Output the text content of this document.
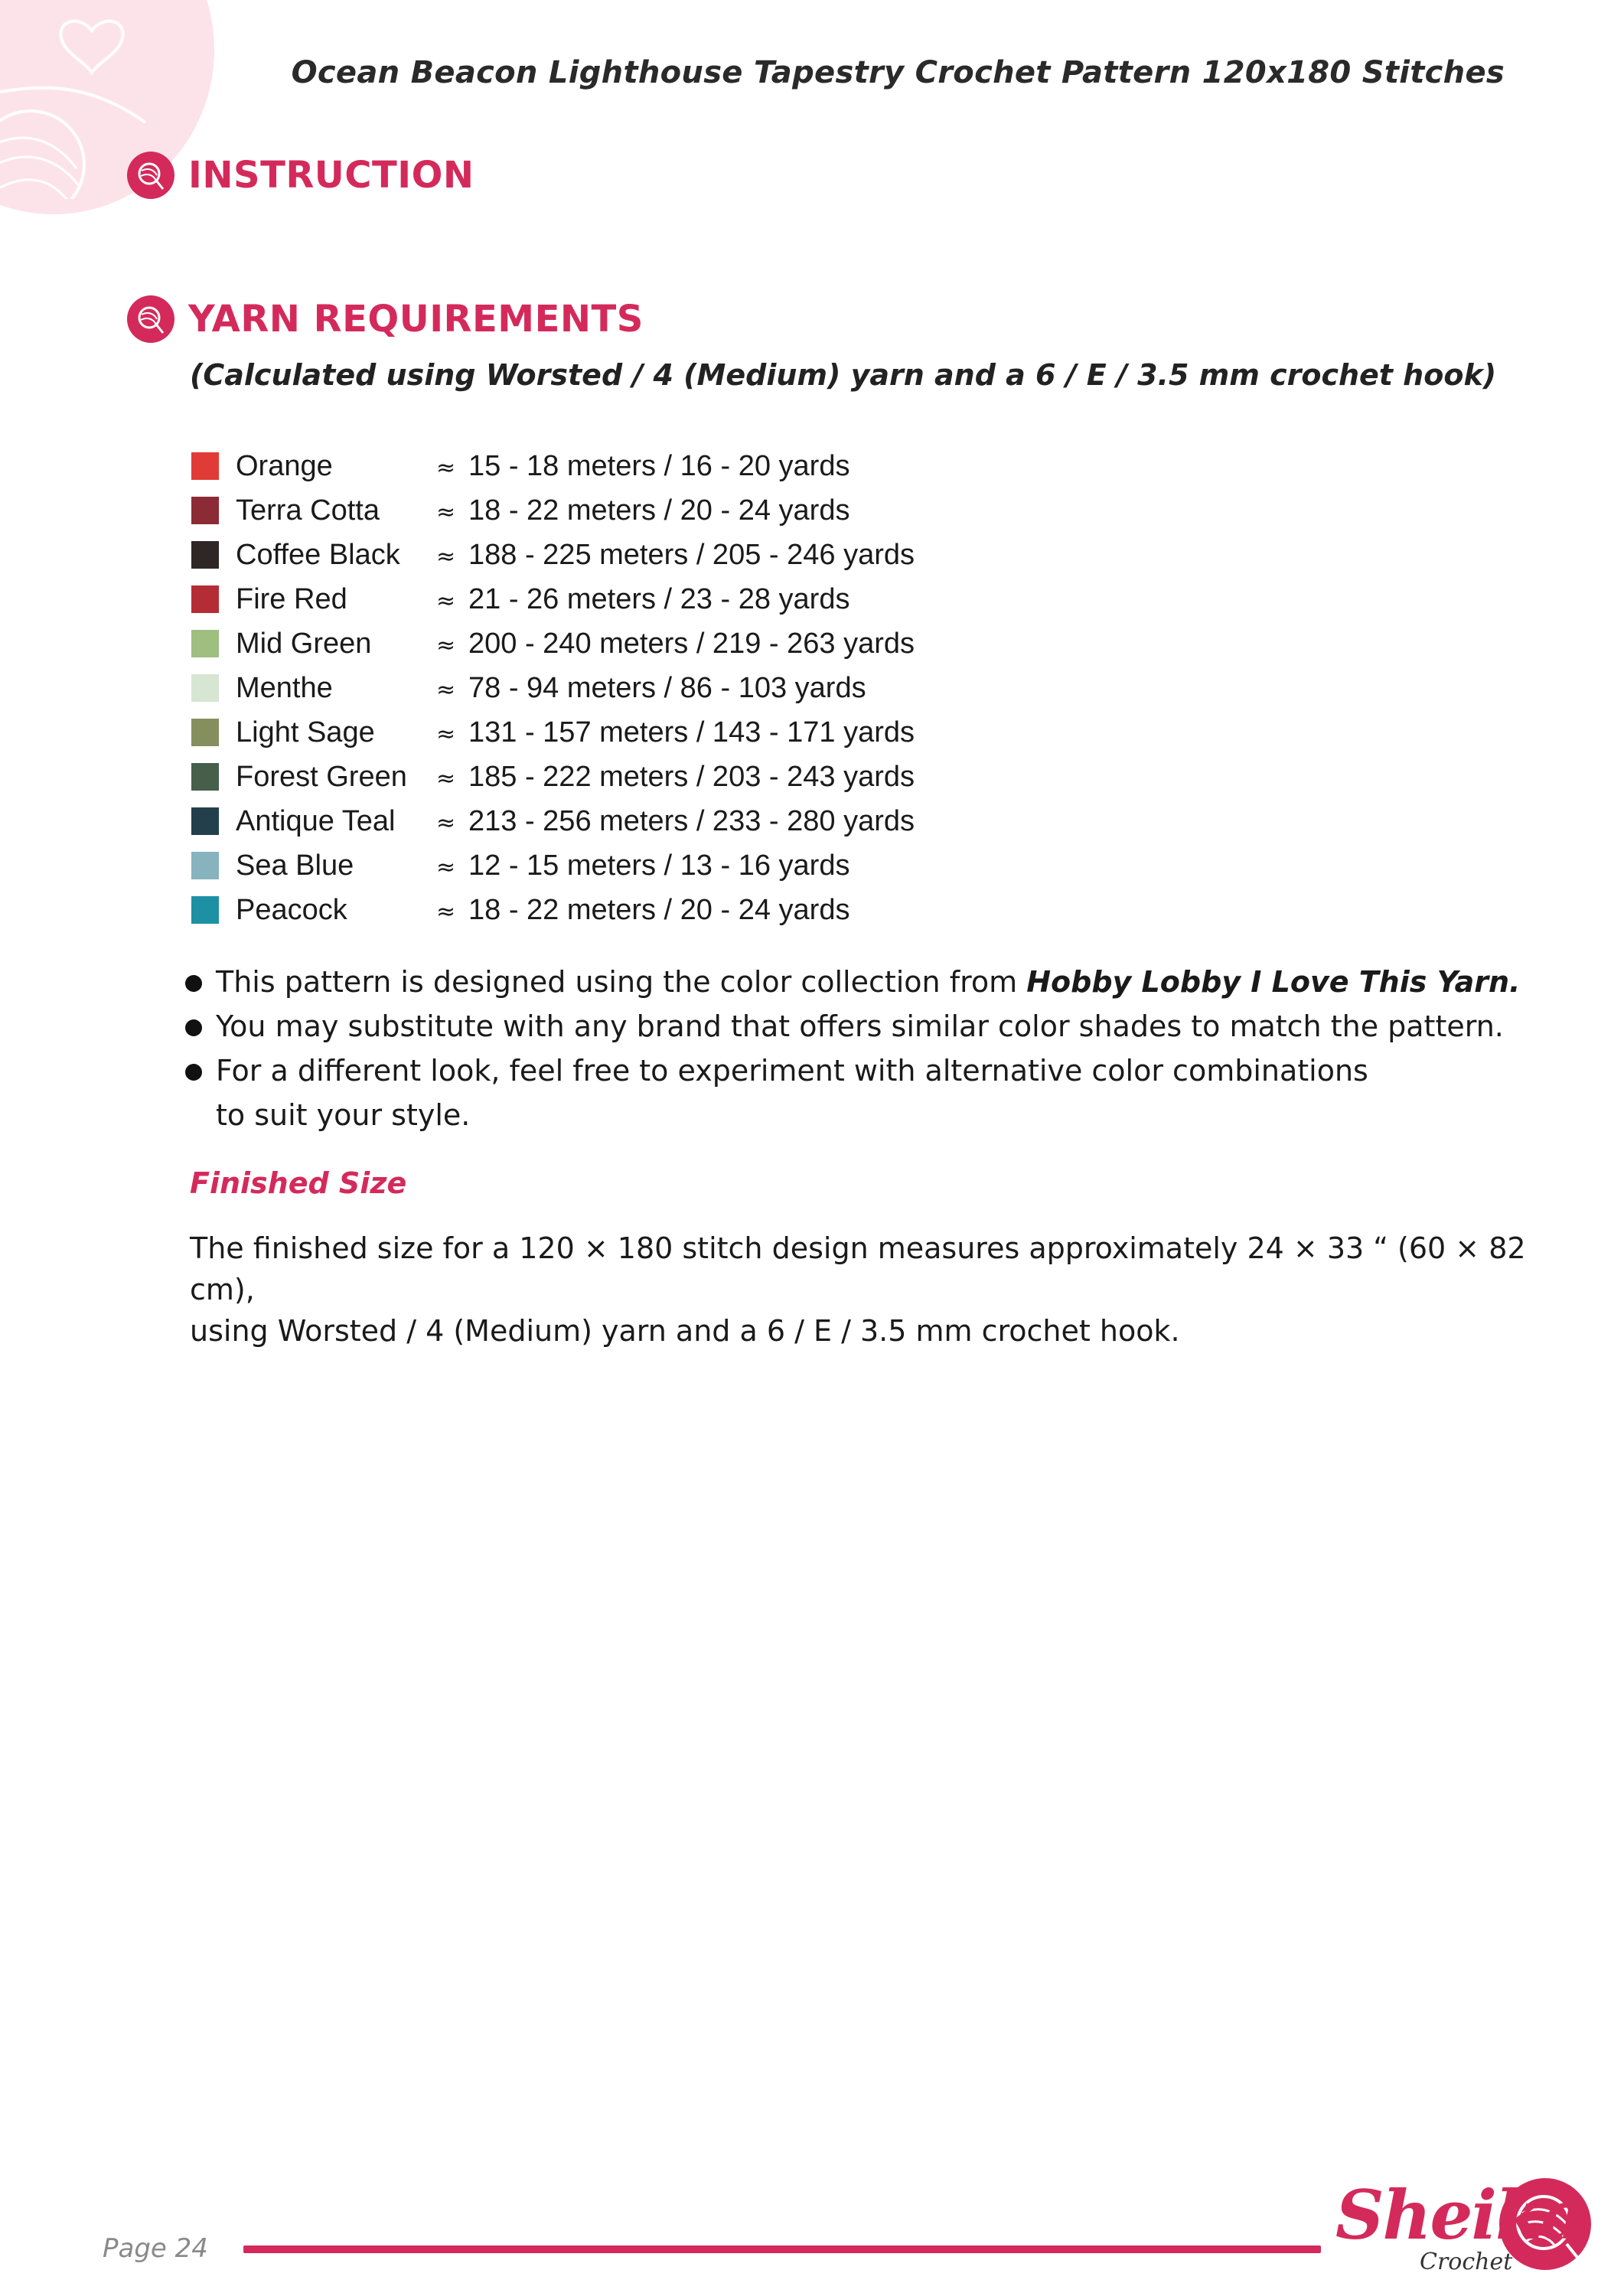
Ocean Beacon Lighthouse Tapestry Crochet Pattern 120x180 Stitches
INSTRUCTION
YARN REQUIREMENTS
(Calculated using Worsted / 4 (Medium) yarn and a 6 / E / 3.5 mm crochet hook)
Orange	≈ 15 - 18 meters / 16 - 20 yards
Terra Cotta	≈ 18 - 22 meters / 20 - 24 yards
Coffee Black	≈ 188 - 225 meters / 205 - 246 yards
Fire Red	≈ 21 - 26 meters / 23 - 28 yards
Mid Green	≈ 200 - 240 meters / 219 - 263 yards
Menthe	≈ 78 - 94 meters / 86 - 103 yards
Light Sage	≈ 131 - 157 meters / 143 - 171 yards
Forest Green	≈ 185 - 222 meters / 203 - 243 yards
Antique Teal	≈ 213 - 256 meters / 233 - 280 yards
Sea Blue	≈ 12 - 15 meters / 13 - 16 yards
Peacock	≈ 18 - 22 meters / 20 - 24 yards
This pattern is designed using the color collection from Hobby Lobby I Love This Yarn.
You may substitute with any brand that offers similar color shades to match the pattern.
For a different look, feel free to experiment with alternative color combinations
to suit your style.
Finished Size
The finished size for a 120 × 180 stitch design measures approximately 24 × 33 “ (60 × 82 cm),
using Worsted / 4 (Medium) yarn and a 6 / E / 3.5 mm crochet hook.
Page 24	Sheika
Crochet
